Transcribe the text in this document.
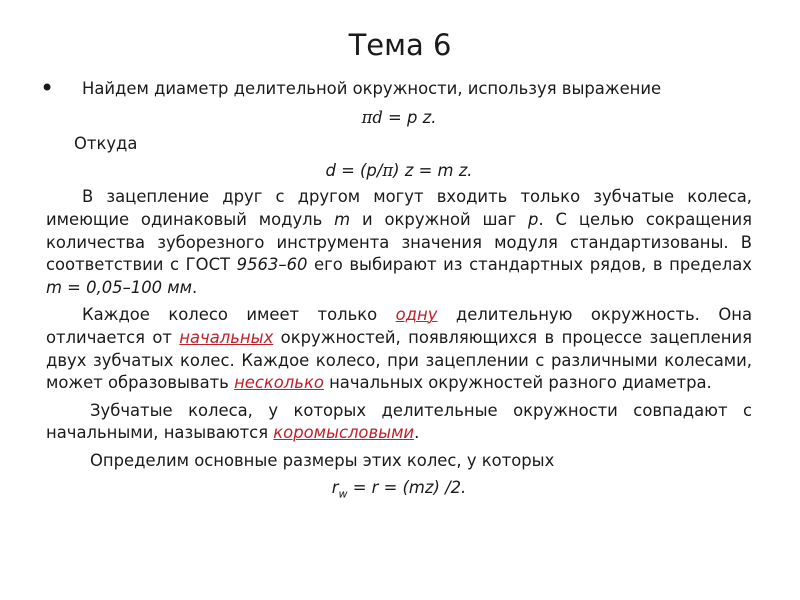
Тема 6
•	Найдем диаметр делительной окружности, используя выражение

πd = p z.

Откуда

d = (p/π) z = m z.

В зацепление друг с другом могут входить только зубчатые колеса, имеющие одинаковый модуль m и окружной шаг p. С целью сокращения количества зуборезного инструмента значения модуля стандартизованы. В соответствии с ГОСТ 9563–60 его выбирают из стандартных рядов, в пределах m = 0,05–100 мм.

Каждое колесо имеет только одну делительную окружность. Она отличается от начальных окружностей, появляющихся в процессе зацепления двух зубчатых колес. Каждое колесо, при зацеплении с различными колесами, может образовывать несколько начальных окружностей разного диаметра.

Зубчатые колеса, у которых делительные окружности совпадают с начальными, называются коромысловыми.

Определим основные размеры этих колес, у которых

$r_w = r = (mz)$ /2.
